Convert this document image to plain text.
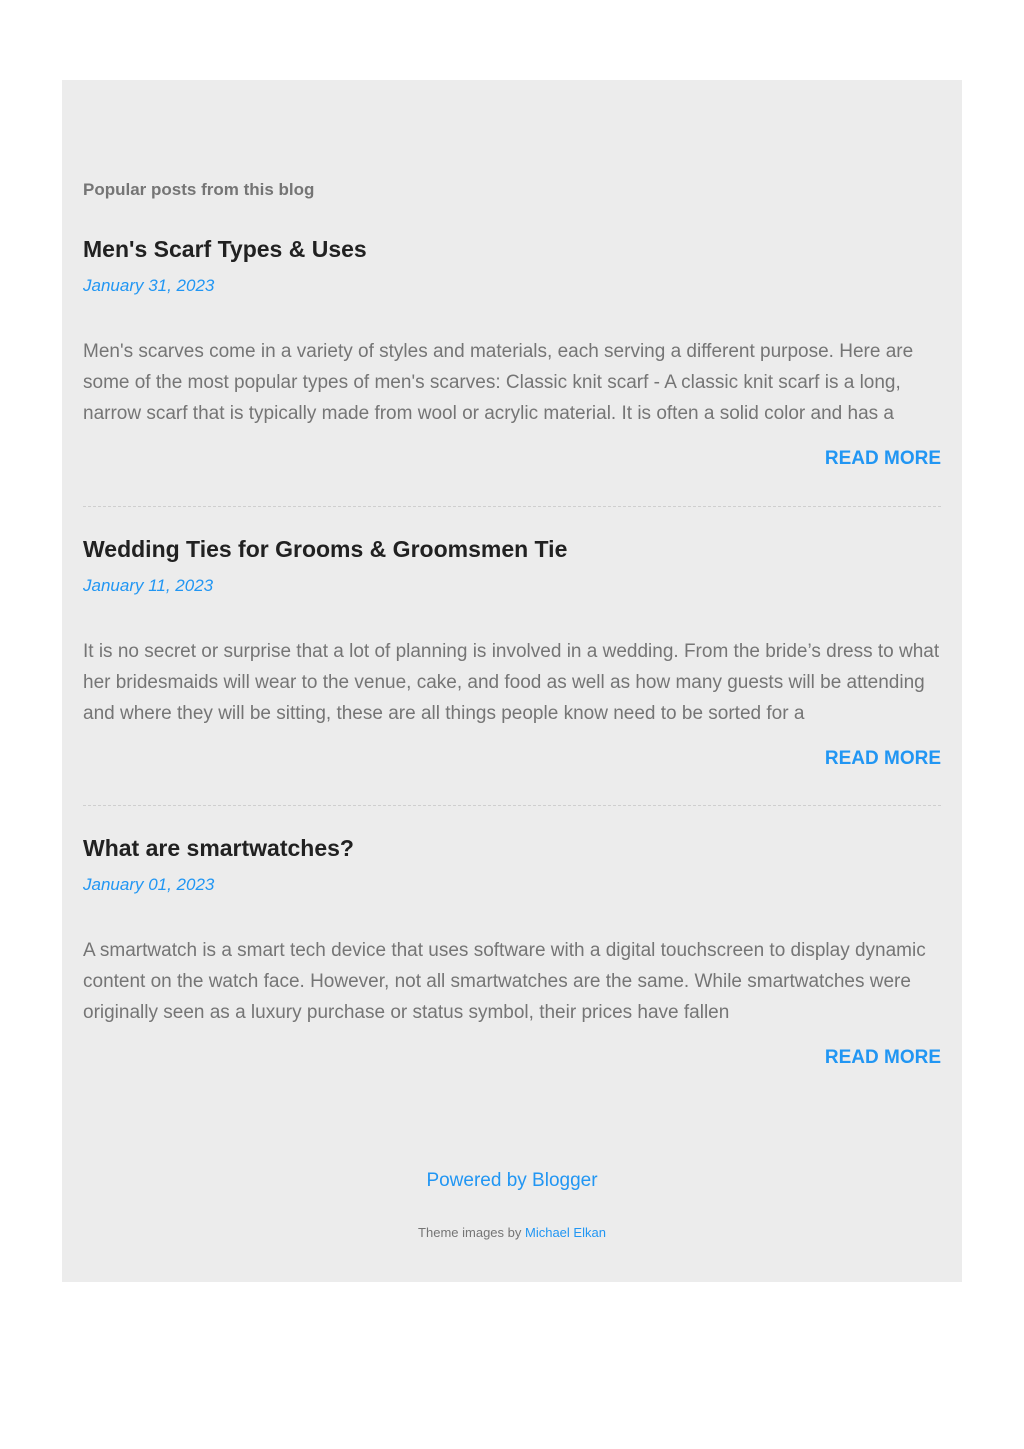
Popular posts from this blog
Men's Scarf Types & Uses
January 31, 2023
Men's scarves come in a variety of styles and materials, each serving a different purpose. Here are some of the most popular types of men's scarves: Classic knit scarf - A classic knit scarf is a long, narrow scarf that is typically made from wool or acrylic material. It is often a solid color and has a
READ MORE
Wedding Ties for Grooms & Groomsmen Tie
January 11, 2023
It is no secret or surprise that a lot of planning is involved in a wedding. From the bride’s dress to what her bridesmaids will wear to the venue, cake, and food as well as how many guests will be attending and where they will be sitting, these are all things people know need to be sorted for a
READ MORE
What are smartwatches?
January 01, 2023
A smartwatch is a smart tech device that uses software with a digital touchscreen to display dynamic content on the watch face. However, not all smartwatches are the same. While smartwatches were originally seen as a luxury purchase or status symbol, their prices have fallen
READ MORE
Powered by Blogger
Theme images by Michael Elkan
